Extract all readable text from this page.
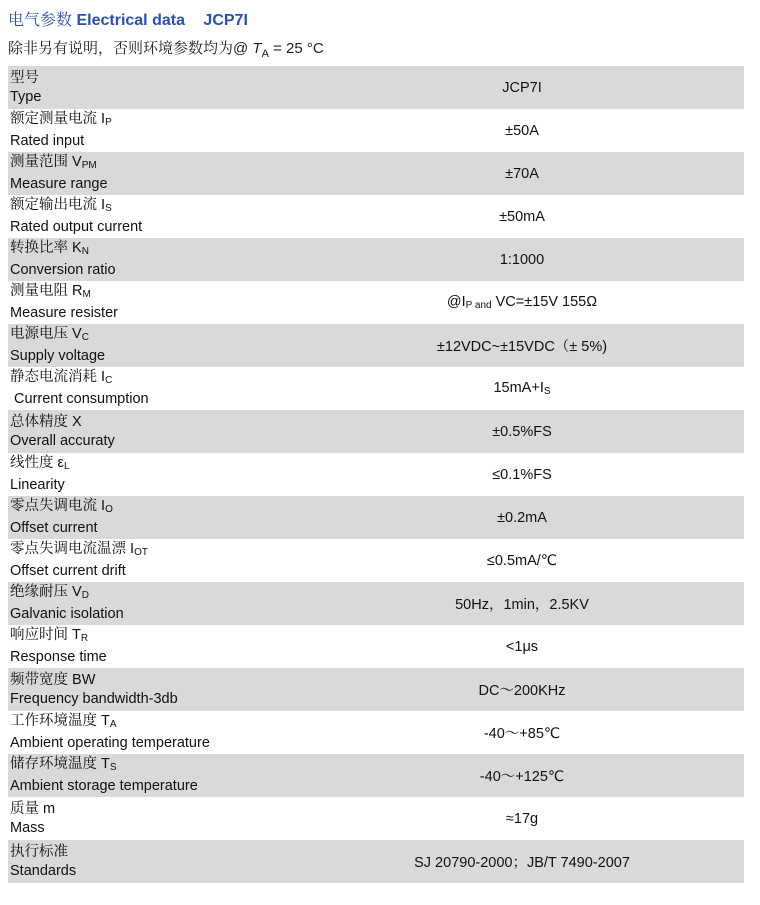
电气参数 Electrical data JCP7I
除非另有说明，否则环境参数均为@ $T_A = 25$ °C
型号
Type	JCP7I

额定测量电流 $I_P$
Rated input	±50A

测量范围 $V_{PM}$
Measure range	±70A

额定输出电流 $I_S$
Rated output current	±50mA

转换比率 $K_N$
Conversion ratio	1:1000

测量电阻 $R_M$
Measure resister	$@I_{P and}$ VC=±15V 155Ω

电源电压 $V_C$
Supply voltage	±12VDC~±15VDC（± 5%)

静态电流消耗 $I_C$
Current consumption	$15mA+I_S$

总体精度 X
Overall accuraty	±0.5%FS

线性度 $\varepsilon_L$
Linearity	≤0.1%FS

零点失调电流 $I_O$
Offset current	±0.2mA

零点失调电流温漂 $I_{OT}$
Offset current drift	≤0.5mA/℃

绝缘耐压 $V_D$
Galvanic isolation	50Hz，1min，2.5KV

响应时间 $T_R$
Response time	<1μs

频带宽度 BW
Frequency bandwidth-3db	DC～200KHz

工作环境温度 $T_A$
Ambient operating temperature	-40～+85℃

储存环境温度 $T_S$
Ambient storage temperature	-40～+125℃

质量 m
Mass	≈17g

执行标准
Standards	SJ 20790-2000；JB/T 7490-2007
